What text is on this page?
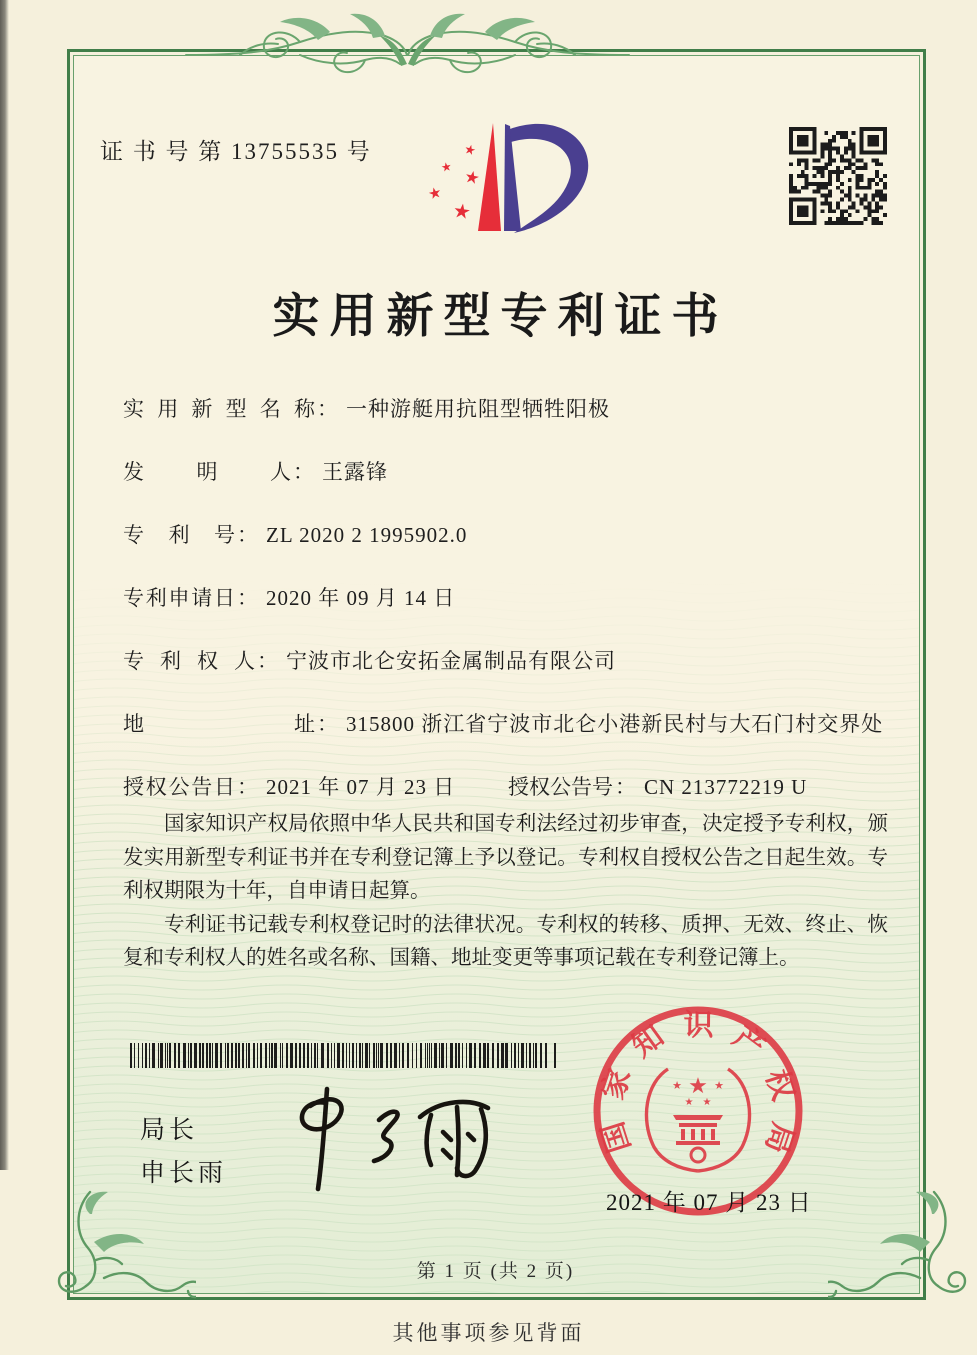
证 书 号 第 13755535 号	★
★ ★
★
★
实用新型专利证书
实用新型名称： 一种游艇用抗阻型牺牲阳极
发明人： 王露锋
专利号： ZL 2020 2 1995902.0
专利申请日： 2020 年 09 月 14 日
专利权人： 宁波市北仑安拓金属制品有限公司
地址： 315800 浙江省宁波市北仑小港新民村与大石门村交界处
授权公告日： 2021 年 07 月 23 日	授权公告号： CN 213772219 U

国家知识产权局依照中华人民共和国专利法经过初步审查，决定授予专利权，颁发实用新型专利证书并在专利登记簿上予以登记。专利权自授权公告之日起生效。专利权期限为十年，自申请日起算。

专利证书记载专利权登记时的法律状况。专利权的转移、质押、无效、终止、恢复和专利权人的姓名或名称、国籍、地址变更等事项记载在专利登记簿上。

局长
申长雨
国家知识产权局
★
★	★
★ ★
2021 年 07 月 23 日
第 1 页 (共 2 页)
其他事项参见背面
